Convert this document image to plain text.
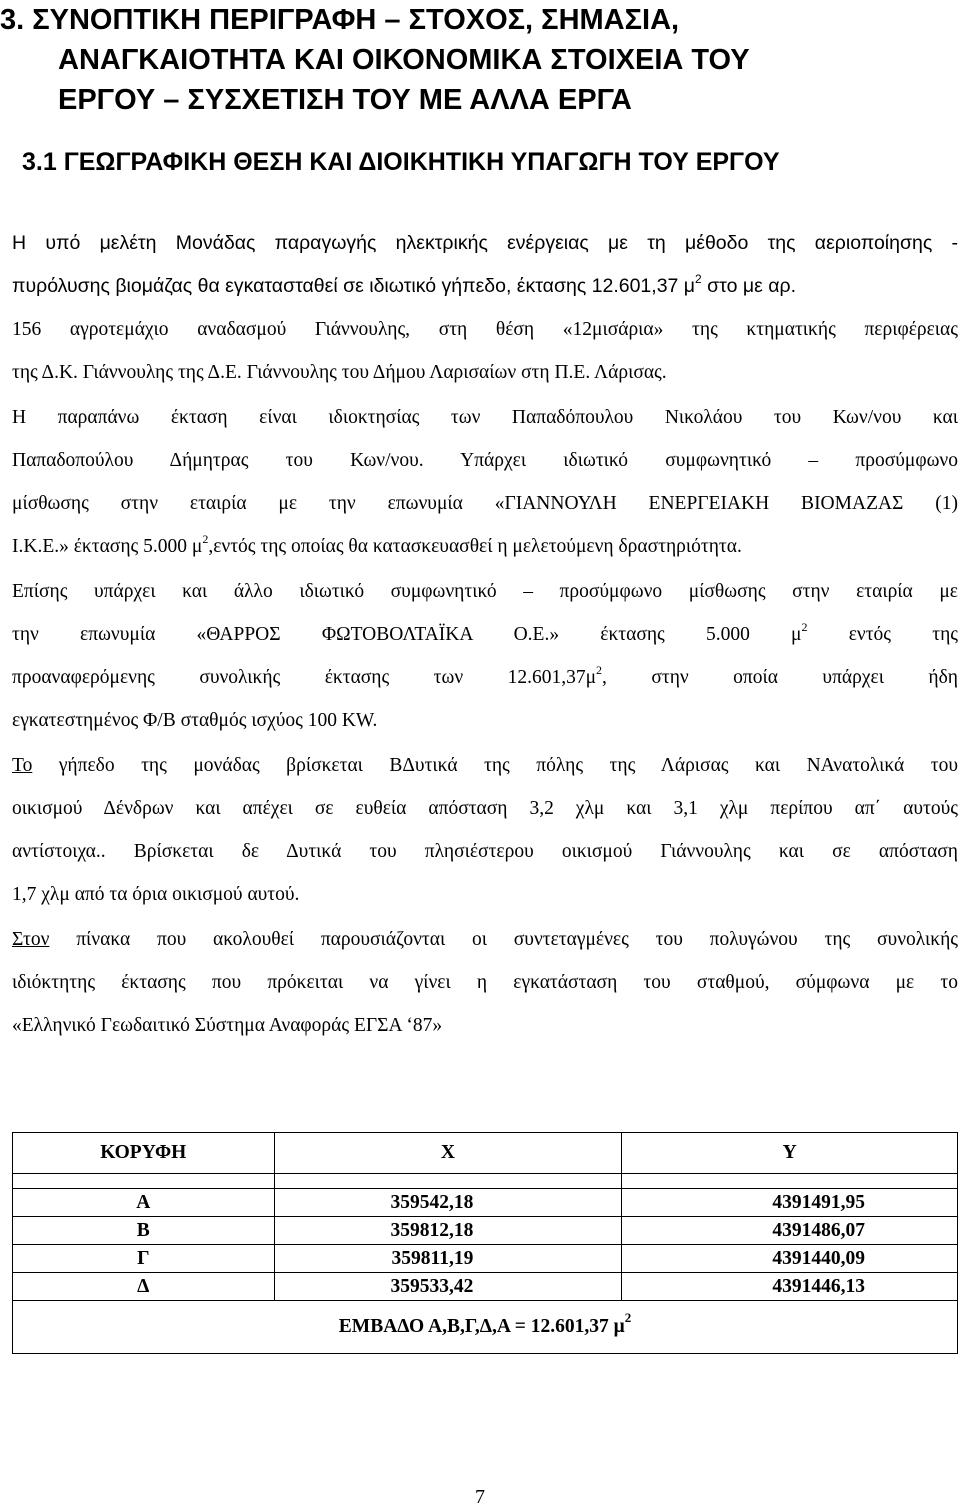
3. ΣΥΝΟΠΤΙΚΗ ΠΕΡΙΓΡΑΦΗ – ΣΤΟΧΟΣ, ΣΗΜΑΣΙΑ,
ΑΝΑΓΚΑΙΟΤΗΤΑ ΚΑΙ ΟΙΚΟΝΟΜΙΚΑ ΣΤΟΙΧΕΙΑ ΤΟΥ
ΕΡΓΟΥ – ΣΥΣΧΕΤΙΣΗ ΤΟΥ ΜΕ ΑΛΛΑ ΕΡΓΑ
3.1 ΓΕΩΓΡΑΦΙΚΗ ΘΕΣΗ ΚΑΙ ΔΙΟΙΚΗΤΙΚΗ ΥΠΑΓΩΓΗ ΤΟΥ ΕΡΓΟΥ

Η υπό μελέτη Μονάδας παραγωγής ηλεκτρικής ενέργειας με τη μέθοδο της αεριοποίησης -
πυρόλυσης βιομάζας θα εγκατασταθεί σε ιδιωτικό γήπεδο, έκτασης 12.601,37 $\mu^2$ στο με αρ.
156 αγροτεμάχιο αναδασμού Γιάννουλης, στη θέση «12μισάρια» της κτηματικής περιφέρειας
της Δ.Κ. Γιάννουλης της Δ.Ε. Γιάννουλης του Δήμου Λαρισαίων στη Π.Ε. Λάρισας.

Η παραπάνω έκταση είναι ιδιοκτησίας των Παπαδόπουλου Νικολάου του Κων/νου και
Παπαδοπούλου Δήμητρας του Κων/νου. Υπάρχει ιδιωτικό συμφωνητικό – προσύμφωνο
μίσθωσης στην εταιρία με την επωνυμία «ΓΙΑΝΝΟΥΛΗ ΕΝΕΡΓΕΙΑΚΗ ΒΙΟΜΑΖΑΣ (1)
Ι.Κ.Ε.» έκτασης 5.000 $\mu^2,\varepsilon\nu\tau ό\varsigma$ της οποίας θα κατασκευασθεί η μελετούμενη δραστηριότητα.

Επίσης υπάρχει και άλλο ιδιωτικό συμφωνητικό – προσύμφωνο μίσθωσης στην εταιρία με
την επωνυμία «ΘΑΡΡΟΣ ΦΩΤΟΒΟΛΤΑΪΚΑ Ο.Ε.» έκτασης 5.000 $\mu^2$ εντός της
προαναφερόμενης συνολικής έκτασης των $12.601,37\mu^2$, στην οποία υπάρχει ήδη
εγκατεστημένος Φ/Β σταθμός ισχύος 100 KW.

Το γήπεδο της μονάδας βρίσκεται ΒΔυτικά της πόλης της Λάρισας και ΝΑνατολικά του
οικισμού Δένδρων και απέχει σε ευθεία απόσταση 3,2 χλμ και 3,1 χλμ περίπου απ΄ αυτούς
αντίστοιχα.. Βρίσκεται δε Δυτικά του πλησιέστερου οικισμού Γιάννουλης και σε απόσταση
1,7 χλμ από τα όρια οικισμού αυτού.

Στον πίνακα που ακολουθεί παρουσιάζονται οι συντεταγμένες του πολυγώνου της συνολικής
ιδιόκτητης έκτασης που πρόκειται να γίνει η εγκατάσταση του σταθμού, σύμφωνα με το
«Ελληνικό Γεωδαιτικό Σύστημα Αναφοράς ΕΓΣΑ ‘87»

ΚΟΡΥΦΗ	X	Y

Α	359542,18	4391491,95
Β	359812,18	4391486,07
Γ	359811,19	4391440,09
Δ	359533,42	4391446,13
ΕΜΒΑΔΟ Α,Β,Γ,Δ,Α = 12.601,37 $\mu^2$
7
